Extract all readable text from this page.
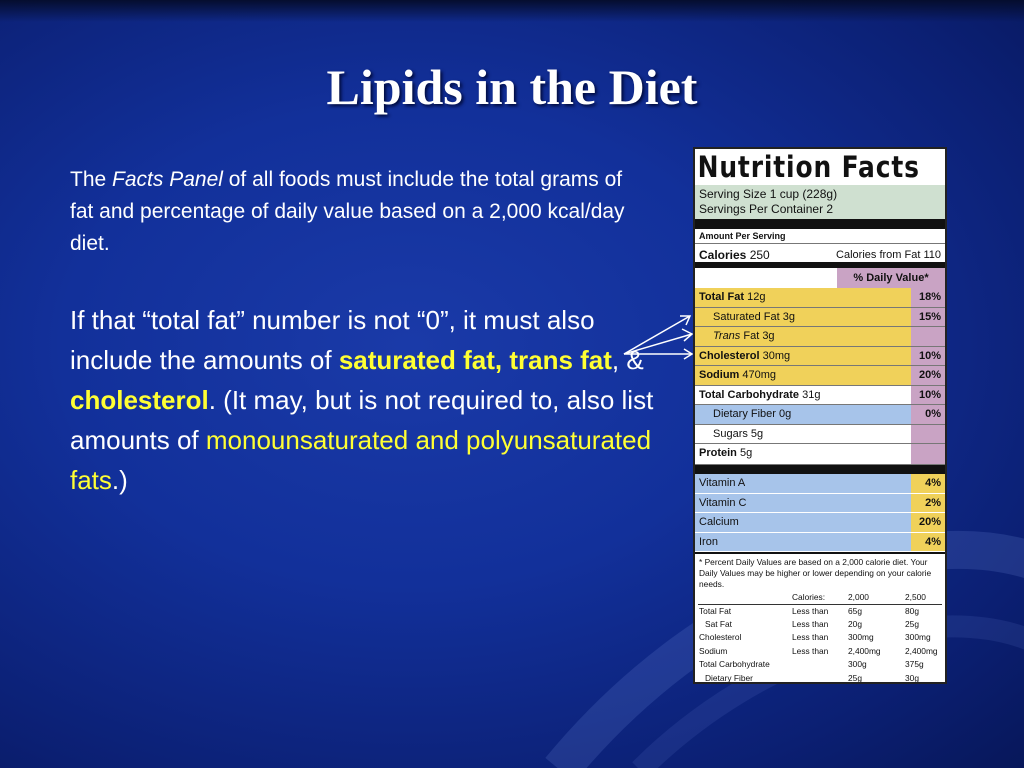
Lipids in the Diet
The Facts Panel of all foods must include the total grams of fat and percentage of daily value based on a 2,000 kcal/day diet.
If that “total fat” number is not “0”, it must also include the amounts of saturated fat, trans fat, & cholesterol. (It may, but is not required to, also list amounts of monounsaturated and polyunsaturated fats.)
Nutrition Facts
Serving Size 1 cup (228g)
Servings Per Container 2
Amount Per Serving
Calories 250	Calories from Fat 110
% Daily Value*
Total Fat 12g	18%
Saturated Fat 3g	15%
Trans Fat 3g
Cholesterol 30mg	10%
Sodium 470mg	20%
Total Carbohydrate 31g	10%
Dietary Fiber 0g	0%
Sugars 5g
Protein 5g
Vitamin A	4%
Vitamin C	2%
Calcium	20%
Iron	4%
* Percent Daily Values are based on a 2,000 calorie diet. Your Daily Values may be higher or lower depending on your calorie needs.
Calories:	2,000	2,500
Total Fat	Less than 65g	80g
Sat Fat	Less than 20g	25g
Cholesterol	Less than 300mg	300mg
Sodium	Less than 2,400mg	2,400mg
Total Carbohydrate	300g	375g
Dietary Fiber	25g	30g
